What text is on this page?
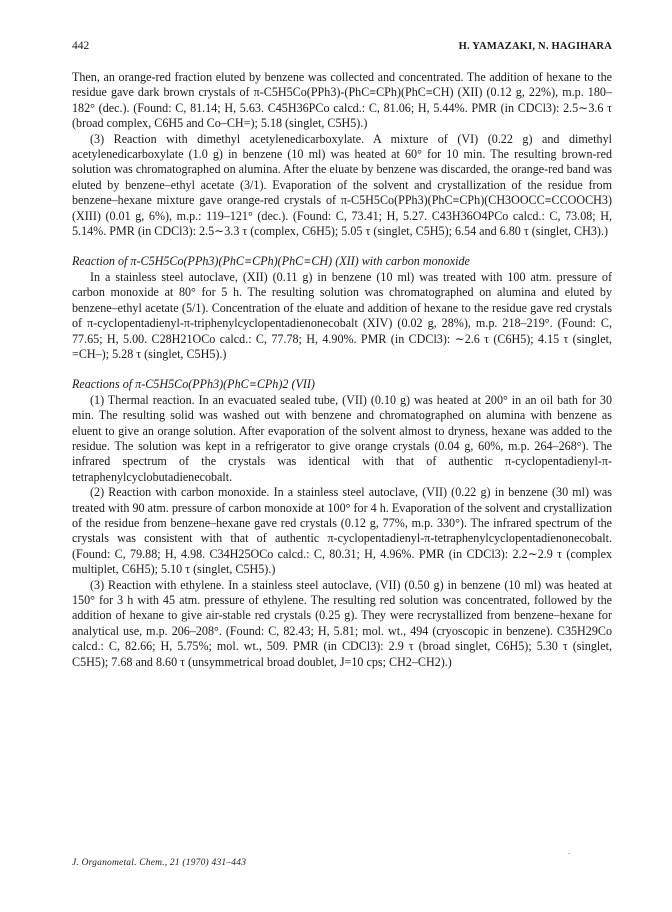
442	H. YAMAZAKI, N. HAGIHARA

Then, an orange-red fraction eluted by benzene was collected and concentrated. The addition of hexane to the residue gave dark brown crystals of π-C5H5Co(PPh3)-(PhC≡CPh)(PhC≡CH) (XII) (0.12 g, 22%), m.p. 180–182° (dec.). (Found: C, 81.14; H, 5.63. C45H36PCo calcd.: C, 81.06; H, 5.44%. PMR (in CDCl3): 2.5∼3.6 τ (broad complex, C6H5 and Co–CH=); 5.18 (singlet, C5H5).)

(3) Reaction with dimethyl acetylenedicarboxylate. A mixture of (VI) (0.22 g) and dimethyl acetylenedicarboxylate (1.0 g) in benzene (10 ml) was heated at 60° for 10 min. The resulting brown-red solution was chromatographed on alumina. After the eluate by benzene was discarded, the orange-red band was eluted by benzene–ethyl acetate (3/1). Evaporation of the solvent and crystallization of the residue from benzene–hexane mixture gave orange-red crystals of π-C5H5Co(PPh3)(PhC≡CPh)(CH3OOCC≡CCOOCH3) (XIII) (0.01 g, 6%), m.p.: 119–121° (dec.). (Found: C, 73.41; H, 5.27. C43H36O4PCo calcd.: C, 73.08; H, 5.14%. PMR (in CDCl3): 2.5∼3.3 τ (complex, C6H5); 5.05 τ (singlet, C5H5); 6.54 and 6.80 τ (singlet, CH3).)

Reaction of π-C5H5Co(PPh3)(PhC≡CPh)(PhC≡CH) (XII) with carbon monoxide

In a stainless steel autoclave, (XII) (0.11 g) in benzene (10 ml) was treated with 100 atm. pressure of carbon monoxide at 80° for 5 h. The resulting solution was chromatographed on alumina and eluted by benzene–ethyl acetate (5/1). Concentration of the eluate and addition of hexane to the residue gave red crystals of π-cyclopentadienyl-π-triphenylcyclopentadienonecobalt (XIV) (0.02 g, 28%), m.p. 218–219°. (Found: C, 77.65; H, 5.00. C28H21OCo calcd.: C, 77.78; H, 4.90%. PMR (in CDCl3): ∼2.6 τ (C6H5); 4.15 τ (singlet, =CH–); 5.28 τ (singlet, C5H5).)

Reactions of π-C5H5Co(PPh3)(PhC≡CPh)2 (VII)

(1) Thermal reaction. In an evacuated sealed tube, (VII) (0.10 g) was heated at 200° in an oil bath for 30 min. The resulting solid was washed out with benzene and chromatographed on alumina with benzene as eluent to give an orange solution. After evaporation of the solvent almost to dryness, hexane was added to the residue. The solution was kept in a refrigerator to give orange crystals (0.04 g, 60%, m.p. 264–268°). The infrared spectrum of the crystals was identical with that of authentic π-cyclopentadienyl-π-tetraphenylcyclobutadienecobalt.

(2) Reaction with carbon monoxide. In a stainless steel autoclave, (VII) (0.22 g) in benzene (30 ml) was treated with 90 atm. pressure of carbon monoxide at 100° for 4 h. Evaporation of the solvent and crystallization of the residue from benzene–hexane gave red crystals (0.12 g, 77%, m.p. 330°). The infrared spectrum of the crystals was consistent with that of authentic π-cyclopentadienyl-π-tetraphenylcyclopentadienonecobalt. (Found: C, 79.88; H, 4.98. C34H25OCo calcd.: C, 80.31; H, 4.96%. PMR (in CDCl3): 2.2∼2.9 τ (complex multiplet, C6H5); 5.10 τ (singlet, C5H5).)

(3) Reaction with ethylene. In a stainless steel autoclave, (VII) (0.50 g) in benzene (10 ml) was heated at 150° for 3 h with 45 atm. pressure of ethylene. The resulting red solution was concentrated, followed by the addition of hexane to give air-stable red crystals (0.25 g). They were recrystallized from benzene–hexane for analytical use, m.p. 206–208°. (Found: C, 82.43; H, 5.81; mol. wt., 494 (cryoscopic in benzene). C35H29Co calcd.: C, 82.66; H, 5.75%; mol. wt., 509. PMR (in CDCl3): 2.9 τ (broad singlet, C6H5); 5.30 τ (singlet, C5H5); 7.68 and 8.60 τ (unsymmetrical broad doublet, J=10 cps; CH2–CH2).)

.
J. Organometal. Chem., 21 (1970) 431–443
